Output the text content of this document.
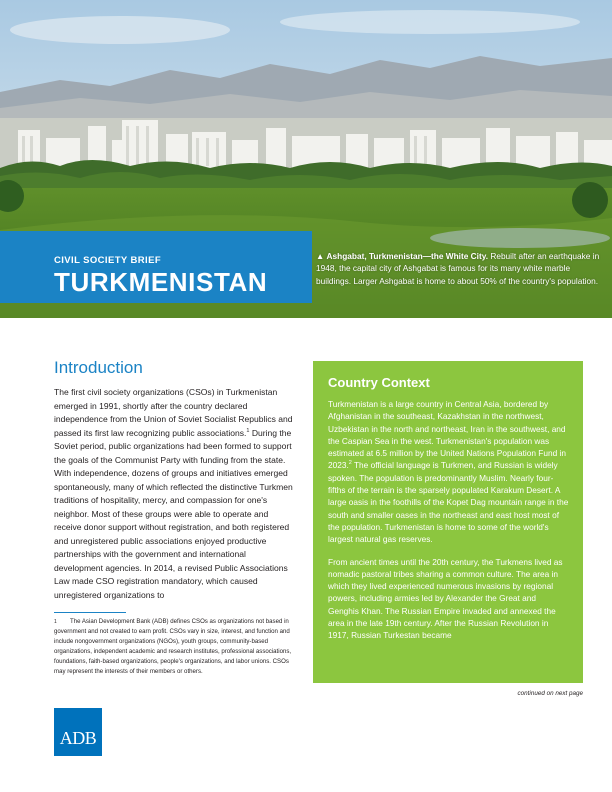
CIVIL SOCIETY BRIEF
TURKMENISTAN
▲ Ashgabat, Turkmenistan—the White City. Rebuilt after an earthquake in 1948, the capital city of Ashgabat is famous for its many white marble buildings. Larger Ashgabat is home to about 50% of the country's population.
Introduction

The first civil society organizations (CSOs) in Turkmenistan emerged in 1991, shortly after the country declared independence from the Union of Soviet Socialist Republics and passed its first law recognizing public associations.$^1$ During the Soviet period, public organizations had been formed to support the goals of the Communist Party with funding from the state. With independence, dozens of groups and initiatives emerged spontaneously, many of which reflected the distinctive Turkmen traditions of hospitality, mercy, and compassion for one's neighbor. Most of these groups were able to operate and receive donor support without registration, and both registered and unregistered public associations enjoyed productive partnerships with the government and international development agencies. In 2014, a revised Public Associations Law made CSO registration mandatory, which caused unregistered organizations to

1 The Asian Development Bank (ADB) defines CSOs as organizations not based in government and not created to earn profit. CSOs vary in size, interest, and function and include nongovernment organizations (NGOs), youth groups, community-based organizations, independent academic and research institutes, professional associations, foundations, faith-based organizations, people's organizations, and labor unions. CSOs may represent the interests of their members or others.

Country Context

Turkmenistan is a large country in Central Asia, bordered by Afghanistan in the southeast, Kazakhstan in the northwest, Uzbekistan in the north and northeast, Iran in the southwest, and the Caspian Sea in the west. Turkmenistan's population was estimated at 6.5 million by the United Nations Population Fund in 2023.$^2$ The official language is Turkmen, and Russian is widely spoken. The population is predominantly Muslim. Nearly four-fifths of the terrain is the sparsely populated Karakum Desert. A large oasis in the foothills of the Kopet Dag mountain range in the south and smaller oases in the northeast and east host most of the population. Turkmenistan is home to some of the world's largest natural gas reserves.

From ancient times until the 20th century, the Turkmens lived as nomadic pastoral tribes sharing a common culture. The area in which they lived experienced numerous invasions by regional powers, including armies led by Alexander the Great and Genghis Khan. The Russian Empire invaded and annexed the area in the late 19th century. After the Russian Revolution in 1917, Russian Turkestan became

continued on next page
ADB
